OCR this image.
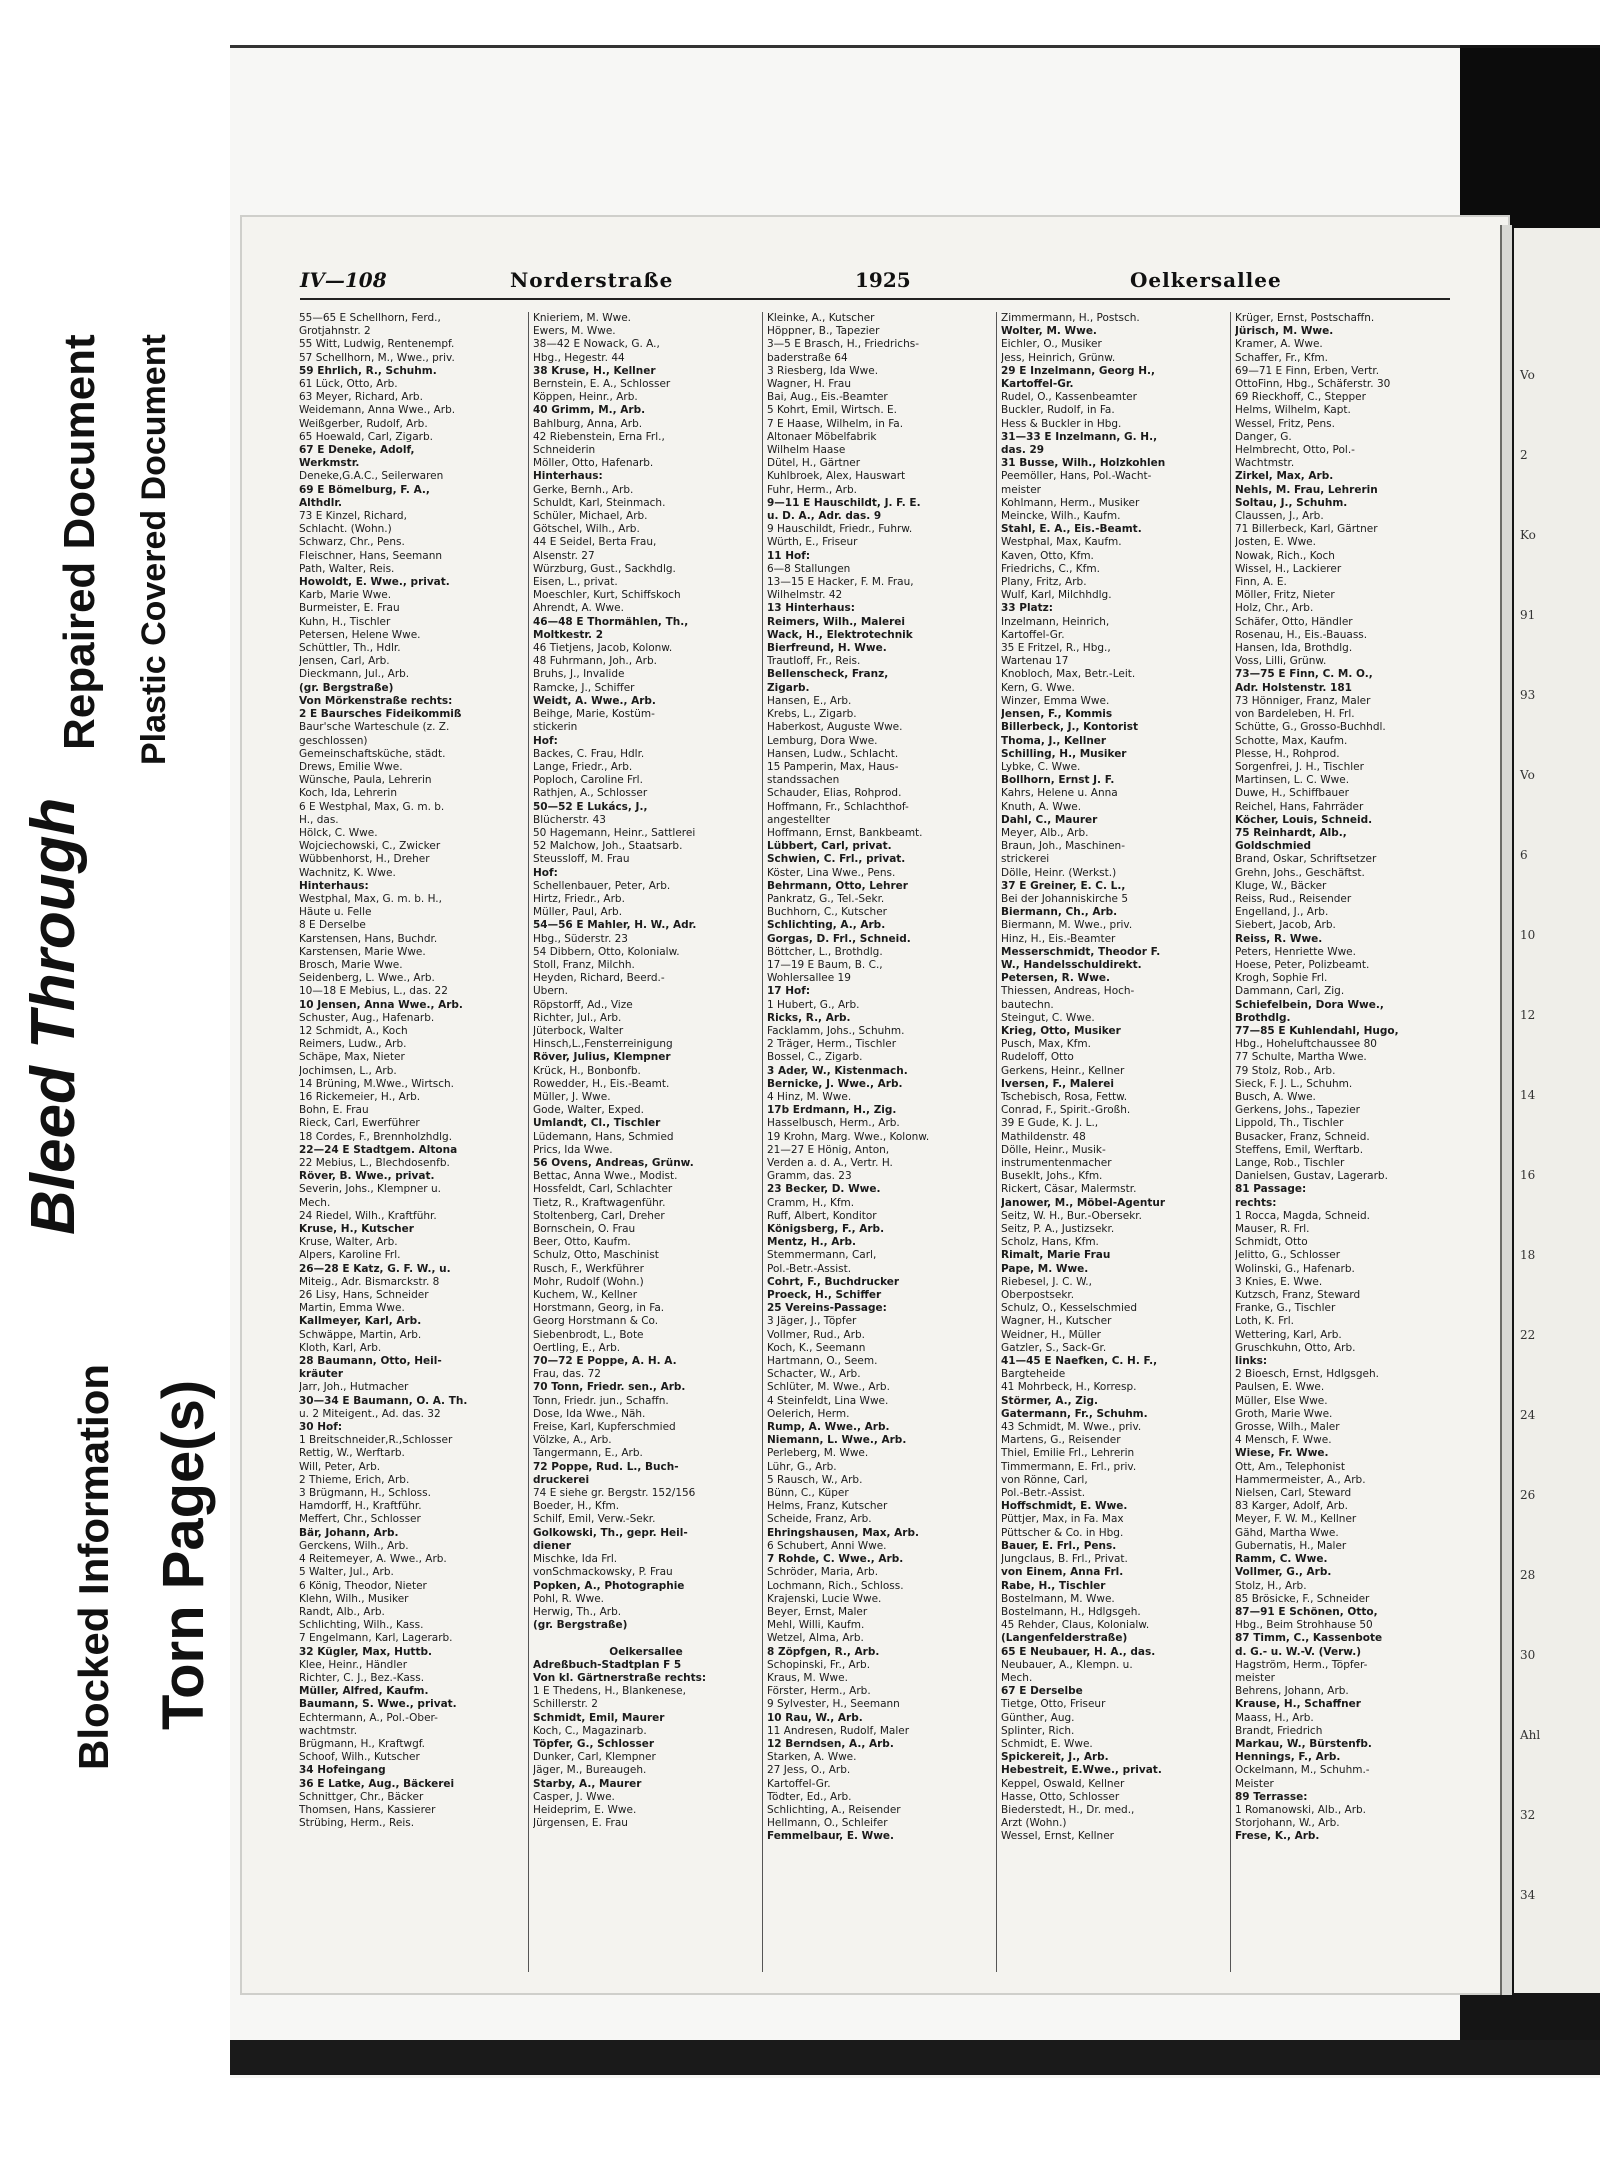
Bleed Through
Repaired Document Plastic Covered Document
Blocked Information Torn Page(s)
Vo
2
Ko
91
93
Vo
6
10
12
14
16
18
22
24
26
28
30
Ahl
32
34
IV—108	Norderstraße	1925	Oelkersallee
55—65 E Schellhorn, Ferd.,
Grotjahnstr. 2
55 Witt, Ludwig, Rentenempf.
57 Schellhorn, M., Wwe., priv.
59 Ehrlich, R., Schuhm.
61 Lück, Otto, Arb.
63 Meyer, Richard, Arb.
Weidemann, Anna Wwe., Arb.
Weißgerber, Rudolf, Arb.
65 Hoewald, Carl, Zigarb.
67 E Deneke, Adolf,
Werkmstr.
Deneke,G.A.C., Seilerwaren
69 E Bömelburg, F. A.,
Althdlr.
73 E Kinzel, Richard,
Schlacht. (Wohn.)
Schwarz, Chr., Pens.
Fleischner, Hans, Seemann
Path, Walter, Reis.
Howoldt, E. Wwe., privat.
Karb, Marie Wwe.
Burmeister, E. Frau
Kuhn, H., Tischler
Petersen, Helene Wwe.
Schüttler, Th., Hdlr.
Jensen, Carl, Arb.
Dieckmann, Jul., Arb.
(gr. Bergstraße)
Von Mörkenstraße rechts:
2 E Baursches Fideikommiß
Baur'sche Warteschule (z. Z.
geschlossen)
Gemeinschaftsküche, städt.
Drews, Emilie Wwe.
Wünsche, Paula, Lehrerin
Koch, Ida, Lehrerin
6 E Westphal, Max, G. m. b.
H., das.
Hölck, C. Wwe.
Wojciechowski, C., Zwicker
Wübbenhorst, H., Dreher
Wachnitz, K. Wwe.
Hinterhaus:
Westphal, Max, G. m. b. H.,
Häute u. Felle
8 E Derselbe
Karstensen, Hans, Buchdr.
Karstensen, Marie Wwe.
Brosch, Marie Wwe.
Seidenberg, L. Wwe., Arb.
10—18 E Mebius, L., das. 22
10 Jensen, Anna Wwe., Arb.
Schuster, Aug., Hafenarb.
12 Schmidt, A., Koch
Reimers, Ludw., Arb.
Schäpe, Max, Nieter
Jochimsen, L., Arb.
14 Brüning, M.Wwe., Wirtsch.
16 Rickemeier, H., Arb.
Bohn, E. Frau
Rieck, Carl, Ewerführer
18 Cordes, F., Brennholzhdlg.
22—24 E Stadtgem. Altona
22 Mebius, L., Blechdosenfb.
Röver, B. Wwe., privat.
Severin, Johs., Klempner u.
Mech.
24 Riedel, Wilh., Kraftführ.
Kruse, H., Kutscher
Kruse, Walter, Arb.
Alpers, Karoline Frl.
26—28 E Katz, G. F. W., u.
Miteig., Adr. Bismarckstr. 8
26 Lisy, Hans, Schneider
Martin, Emma Wwe.
Kallmeyer, Karl, Arb.
Schwäppe, Martin, Arb.
Kloth, Karl, Arb.
28 Baumann, Otto, Heil-
kräuter
Jarr, Joh., Hutmacher
30—34 E Baumann, O. A. Th.
u. 2 Miteigent., Ad. das. 32
30 Hof:
1 Breitschneider,R.,Schlosser
Rettig, W., Werftarb.
Will, Peter, Arb.
2 Thieme, Erich, Arb.
3 Brügmann, H., Schloss.
Hamdorff, H., Kraftführ.
Meffert, Chr., Schlosser
Bär, Johann, Arb.
Gerckens, Wilh., Arb.
4 Reitemeyer, A. Wwe., Arb.
5 Walter, Jul., Arb.
6 König, Theodor, Nieter
Klehn, Wilh., Musiker
Randt, Alb., Arb.
Schlichting, Wilh., Kass.
7 Engelmann, Karl, Lagerarb.
32 Kügler, Max, Huttb.
Klee, Heinr., Händler
Richter, C. J., Bez.-Kass.
Müller, Alfred, Kaufm.
Baumann, S. Wwe., privat.
Echtermann, A., Pol.-Ober-
wachtmstr.
Brügmann, H., Kraftwgf.
Schoof, Wilh., Kutscher
34 Hofeingang
36 E Latke, Aug., Bäckerei
Schnittger, Chr., Bäcker
Thomsen, Hans, Kassierer
Strübing, Herm., Reis.
Knieriem, M. Wwe.
Ewers, M. Wwe.
38—42 E Nowack, G. A.,
Hbg., Hegestr. 44
38 Kruse, H., Kellner
Bernstein, E. A., Schlosser
Köppen, Heinr., Arb.
40 Grimm, M., Arb.
Bahlburg, Anna, Arb.
42 Riebenstein, Erna Frl.,
Schneiderin
Möller, Otto, Hafenarb.
Hinterhaus:
Gerke, Bernh., Arb.
Schuldt, Karl, Steinmach.
Schüler, Michael, Arb.
Götschel, Wilh., Arb.
44 E Seidel, Berta Frau,
Alsenstr. 27
Würzburg, Gust., Sackhdlg.
Eisen, L., privat.
Moeschler, Kurt, Schiffskoch
Ahrendt, A. Wwe.
46—48 E Thormählen, Th.,
Moltkestr. 2
46 Tietjens, Jacob, Kolonw.
48 Fuhrmann, Joh., Arb.
Bruhs, J., Invalide
Ramcke, J., Schiffer
Weidt, A. Wwe., Arb.
Beihge, Marie, Kostüm-
stickerin
Hof:
Backes, C. Frau, Hdlr.
Lange, Friedr., Arb.
Poploch, Caroline Frl.
Rathjen, A., Schlosser
50—52 E Lukács, J.,
Blücherstr. 43
50 Hagemann, Heinr., Sattlerei
52 Malchow, Joh., Staatsarb.
Steussloff, M. Frau
Hof:
Schellenbauer, Peter, Arb.
Hirtz, Friedr., Arb.
Müller, Paul, Arb.
54—56 E Mahler, H. W., Adr.
Hbg., Süderstr. 23
54 Dibbern, Otto, Kolonialw.
Stoll, Franz, Milchh.
Heyden, Richard, Beerd.-
Übern.
Röpstorff, Ad., Vize
Richter, Jul., Arb.
Jüterbock, Walter
Hinsch,L.,Fensterreinigung
Röver, Julius, Klempner
Krück, H., Bonbonfb.
Rowedder, H., Eis.-Beamt.
Müller, J. Wwe.
Gode, Walter, Exped.
Umlandt, Cl., Tischler
Lüdemann, Hans, Schmied
Prics, Ida Wwe.
56 Ovens, Andreas, Grünw.
Bettac, Anna Wwe., Modist.
Hossfeldt, Carl, Schlachter
Tietz, R., Kraftwagenführ.
Stoltenberg, Carl, Dreher
Bornschein, O. Frau
Beer, Otto, Kaufm.
Schulz, Otto, Maschinist
Rusch, F., Werkführer
Mohr, Rudolf (Wohn.)
Kuchem, W., Kellner
Horstmann, Georg, in Fa.
Georg Horstmann & Co.
Siebenbrodt, L., Bote
Oertling, E., Arb.
70—72 E Poppe, A. H. A.
Frau, das. 72
70 Tonn, Friedr. sen., Arb.
Tonn, Friedr. jun., Schaffn.
Dose, Ida Wwe., Näh.
Freise, Karl, Kupferschmied
Völzke, A., Arb.
Tangermann, E., Arb.
72 Poppe, Rud. L., Buch-
druckerei
74 E siehe gr. Bergstr. 152/156
Boeder, H., Kfm.
Schilf, Emil, Verw.-Sekr.
Golkowski, Th., gepr. Heil-
diener
Mischke, Ida Frl.
vonSchmackowsky, P. Frau
Popken, A., Photographie
Pohl, R. Wwe.
Herwig, Th., Arb.
(gr. Bergstraße)

Oelkersallee
Adreßbuch-Stadtplan F 5
Von kl. Gärtnerstraße rechts:
1 E Thedens, H., Blankenese,
Schillerstr. 2
Schmidt, Emil, Maurer
Koch, C., Magazinarb.
Töpfer, G., Schlosser
Dunker, Carl, Klempner
Jäger, M., Bureaugeh.
Starby, A., Maurer
Casper, J. Wwe.
Heideprim, E. Wwe.
Jürgensen, E. Frau
Kleinke, A., Kutscher
Höppner, B., Tapezier
3—5 E Brasch, H., Friedrichs-
baderstraße 64
3 Riesberg, Ida Wwe.
Wagner, H. Frau
Bai, Aug., Eis.-Beamter
5 Kohrt, Emil, Wirtsch. E.
7 E Haase, Wilhelm, in Fa.
Altonaer Möbelfabrik
Wilhelm Haase
Dütel, H., Gärtner
Kuhlbroek, Alex, Hauswart
Fuhr, Herm., Arb.
9—11 E Hauschildt, J. F. E.
u. D. A., Adr. das. 9
9 Hauschildt, Friedr., Fuhrw.
Würth, E., Friseur
11 Hof:
6—8 Stallungen
13—15 E Hacker, F. M. Frau,
Wilhelmstr. 42
13 Hinterhaus:
Reimers, Wilh., Malerei
Wack, H., Elektrotechnik
Bierfreund, H. Wwe.
Trautloff, Fr., Reis.
Bellenscheck, Franz,
Zigarb.
Hansen, E., Arb.
Krebs, L., Zigarb.
Haberkost, Auguste Wwe.
Lemburg, Dora Wwe.
Hansen, Ludw., Schlacht.
15 Pamperin, Max, Haus-
standssachen
Schauder, Elias, Rohprod.
Hoffmann, Fr., Schlachthof-
angestellter
Hoffmann, Ernst, Bankbeamt.
Lübbert, Carl, privat.
Schwien, C. Frl., privat.
Köster, Lina Wwe., Pens.
Behrmann, Otto, Lehrer
Pankratz, G., Tel.-Sekr.
Buchhorn, C., Kutscher
Schlichting, A., Arb.
Gorgas, D. Frl., Schneid.
Böttcher, L., Brothdlg.
17—19 E Baum, B. C.,
Wohlersallee 19
17 Hof:
1 Hubert, G., Arb.
Ricks, R., Arb.
Facklamm, Johs., Schuhm.
2 Träger, Herm., Tischler
Bossel, C., Zigarb.
3 Ader, W., Kistenmach.
Bernicke, J. Wwe., Arb.
4 Hinz, M. Wwe.
17b Erdmann, H., Zig.
Hasselbusch, Herm., Arb.
19 Krohn, Marg. Wwe., Kolonw.
21—27 E Hönig, Anton,
Verden a. d. A., Vertr. H.
Gramm, das. 23
23 Becker, D. Wwe.
Cramm, H., Kfm.
Ruff, Albert, Konditor
Königsberg, F., Arb.
Mentz, H., Arb.
Stemmermann, Carl,
Pol.-Betr.-Assist.
Cohrt, F., Buchdrucker
Proeck, H., Schiffer
25 Vereins-Passage:
3 Jäger, J., Töpfer
Vollmer, Rud., Arb.
Koch, K., Seemann
Hartmann, O., Seem.
Schacter, W., Arb.
Schlüter, M. Wwe., Arb.
4 Steinfeldt, Lina Wwe.
Oelerich, Herm.
Rump, A. Wwe., Arb.
Niemann, L. Wwe., Arb.
Perleberg, M. Wwe.
Lühr, G., Arb.
5 Rausch, W., Arb.
Bünn, C., Küper
Helms, Franz, Kutscher
Scheide, Franz, Arb.
Ehringshausen, Max, Arb.
6 Schubert, Anni Wwe.
7 Rohde, C. Wwe., Arb.
Schröder, Maria, Arb.
Lochmann, Rich., Schloss.
Krajenski, Lucie Wwe.
Beyer, Ernst, Maler
Mehl, Willi, Kaufm.
Wetzel, Alma, Arb.
8 Zöpfgen, R., Arb.
Schopinski, Fr., Arb.
Kraus, M. Wwe.
Förster, Herm., Arb.
9 Sylvester, H., Seemann
10 Rau, W., Arb.
11 Andresen, Rudolf, Maler
12 Berndsen, A., Arb.
Starken, A. Wwe.
27 Jess, O., Arb.
Kartoffel-Gr.
Tödter, Ed., Arb.
Schlichting, A., Reisender
Hellmann, O., Schleifer
Femmelbaur, E. Wwe.
Zimmermann, H., Postsch.
Wolter, M. Wwe.
Eichler, O., Musiker
Jess, Heinrich, Grünw.
29 E Inzelmann, Georg H.,
Kartoffel-Gr.
Rudel, O., Kassenbeamter
Buckler, Rudolf, in Fa.
Hess & Buckler in Hbg.
31—33 E Inzelmann, G. H.,
das. 29
31 Busse, Wilh., Holzkohlen
Peemöller, Hans, Pol.-Wacht-
meister
Kohlmann, Herm., Musiker
Meincke, Wilh., Kaufm.
Stahl, E. A., Eis.-Beamt.
Westphal, Max, Kaufm.
Kaven, Otto, Kfm.
Friedrichs, C., Kfm.
Plany, Fritz, Arb.
Wulf, Karl, Milchhdlg.
33 Platz:
Inzelmann, Heinrich,
Kartoffel-Gr.
35 E Fritzel, R., Hbg.,
Wartenau 17
Knobloch, Max, Betr.-Leit.
Kern, G. Wwe.
Winzer, Emma Wwe.
Jensen, F., Kommis
Billerbeck, J., Kontorist
Thoma, J., Kellner
Schilling, H., Musiker
Lybke, C. Wwe.
Bollhorn, Ernst J. F.
Kahrs, Helene u. Anna
Knuth, A. Wwe.
Dahl, C., Maurer
Meyer, Alb., Arb.
Braun, Joh., Maschinen-
strickerei
Dölle, Heinr. (Werkst.)
37 E Greiner, E. C. L.,
Bei der Johanniskirche 5
Biermann, Ch., Arb.
Biermann, M. Wwe., priv.
Hinz, H., Eis.-Beamter
Messerschmidt, Theodor F.
W., Handelsschuldirekt.
Petersen, R. Wwe.
Thiessen, Andreas, Hoch-
bautechn.
Steingut, C. Wwe.
Krieg, Otto, Musiker
Pusch, Max, Kfm.
Rudeloff, Otto
Gerkens, Heinr., Kellner
Iversen, F., Malerei
Tschebisch, Rosa, Fettw.
Conrad, F., Spirit.-Großh.
39 E Gude, K. J. L.,
Mathildenstr. 48
Dölle, Heinr., Musik-
instrumentenmacher
Buseklt, Johs., Kfm.
Rickert, Cäsar, Malermstr.
Janower, M., Möbel-Agentur
Seitz, W. H., Bur.-Obersekr.
Seitz, P. A., Justizsekr.
Scholz, Hans, Kfm.
Rimalt, Marie Frau
Pape, M. Wwe.
Riebesel, J. C. W.,
Oberpostsekr.
Schulz, O., Kesselschmied
Wagner, H., Kutscher
Weidner, H., Müller
Gatzler, S., Sack-Gr.
41—45 E Naefken, C. H. F.,
Bargteheide
41 Mohrbeck, H., Korresp.
Störmer, A., Zig.
Gatermann, Fr., Schuhm.
43 Schmidt, M. Wwe., priv.
Martens, G., Reisender
Thiel, Emilie Frl., Lehrerin
Timmermann, E. Frl., priv.
von Rönne, Carl,
Pol.-Betr.-Assist.
Hoffschmidt, E. Wwe.
Püttjer, Max, in Fa. Max
Püttscher & Co. in Hbg.
Bauer, E. Frl., Pens.
Jungclaus, B. Frl., Privat.
von Einem, Anna Frl.
Rabe, H., Tischler
Bostelmann, M. Wwe.
Bostelmann, H., Hdlgsgeh.
45 Rehder, Claus, Kolonialw.
(Langenfelderstraße)
65 E Neubauer, H. A., das.
Neubauer, A., Klempn. u.
Mech.
67 E Derselbe
Tietge, Otto, Friseur
Günther, Aug.
Splinter, Rich.
Schmidt, E. Wwe.
Spickereit, J., Arb.
Hebestreit, E.Wwe., privat.
Keppel, Oswald, Kellner
Hasse, Otto, Schlosser
Biederstedt, H., Dr. med.,
Arzt (Wohn.)
Wessel, Ernst, Kellner
Krüger, Ernst, Postschaffn.
Jürisch, M. Wwe.
Kramer, A. Wwe.
Schaffer, Fr., Kfm.
69—71 E Finn, Erben, Vertr.
OttoFinn, Hbg., Schäferstr. 30
69 Rieckhoff, C., Stepper
Helms, Wilhelm, Kapt.
Wessel, Fritz, Pens.
Danger, G.
Helmbrecht, Otto, Pol.-
Wachtmstr.
Zirkel, Max, Arb.
Nehls, M. Frau, Lehrerin
Soltau, J., Schuhm.
Claussen, J., Arb.
71 Billerbeck, Karl, Gärtner
Josten, E. Wwe.
Nowak, Rich., Koch
Wissel, H., Lackierer
Finn, A. E.
Möller, Fritz, Nieter
Holz, Chr., Arb.
Schäfer, Otto, Händler
Rosenau, H., Eis.-Bauass.
Hansen, Ida, Brothdlg.
Voss, Lilli, Grünw.
73—75 E Finn, C. M. O.,
Adr. Holstenstr. 181
73 Hönniger, Franz, Maler
von Bardeleben, H. Frl.
Schütte, G., Grosso-Buchhdl.
Schotte, Max, Kaufm.
Plesse, H., Rohprod.
Sorgenfrei, J. H., Tischler
Martinsen, L. C. Wwe.
Duwe, H., Schiffbauer
Reichel, Hans, Fahrräder
Köcher, Louis, Schneid.
75 Reinhardt, Alb.,
Goldschmied
Brand, Oskar, Schriftsetzer
Grehn, Johs., Geschäftst.
Kluge, W., Bäcker
Reiss, Rud., Reisender
Engelland, J., Arb.
Siebert, Jacob, Arb.
Reiss, R. Wwe.
Peters, Henriette Wwe.
Hoese, Peter, Polizbeamt.
Krogh, Sophie Frl.
Dammann, Carl, Zig.
Schiefelbein, Dora Wwe.,
Brothdlg.
77—85 E Kuhlendahl, Hugo,
Hbg., Hoheluftchaussee 80
77 Schulte, Martha Wwe.
79 Stolz, Rob., Arb.
Sieck, F. J. L., Schuhm.
Busch, A. Wwe.
Gerkens, Johs., Tapezier
Lippold, Th., Tischler
Busacker, Franz, Schneid.
Steffens, Emil, Werftarb.
Lange, Rob., Tischler
Danielsen, Gustav, Lagerarb.
81 Passage:
rechts:
1 Rocca, Magda, Schneid.
Mauser, R. Frl.
Schmidt, Otto
Jelitto, G., Schlosser
Wolinski, G., Hafenarb.
3 Knies, E. Wwe.
Kutzsch, Franz, Steward
Franke, G., Tischler
Loth, K. Frl.
Wettering, Karl, Arb.
Gruschkuhn, Otto, Arb.
links:
2 Bioesch, Ernst, Hdlgsgeh.
Paulsen, E. Wwe.
Müller, Else Wwe.
Groth, Marie Wwe.
Grosse, Wilh., Maler
4 Mensch, F. Wwe.
Wiese, Fr. Wwe.
Ott, Am., Telephonist
Hammermeister, A., Arb.
Nielsen, Carl, Steward
83 Karger, Adolf, Arb.
Meyer, F. W. M., Kellner
Gähd, Martha Wwe.
Gubernatis, H., Maler
Ramm, C. Wwe.
Vollmer, G., Arb.
Stolz, H., Arb.
85 Brösicke, F., Schneider
87—91 E Schönen, Otto,
Hbg., Beim Strohhause 50
87 Timm, C., Kassenbote
d. G.- u. W.-V. (Verw.)
Hagström, Herm., Töpfer-
meister
Behrens, Johann, Arb.
Krause, H., Schaffner
Maass, H., Arb.
Brandt, Friedrich
Markau, W., Bürstenfb.
Hennings, F., Arb.
Ockelmann, M., Schuhm.-
Meister
89 Terrasse:
1 Romanowski, Alb., Arb.
Storjohann, W., Arb.
Frese, K., Arb.
